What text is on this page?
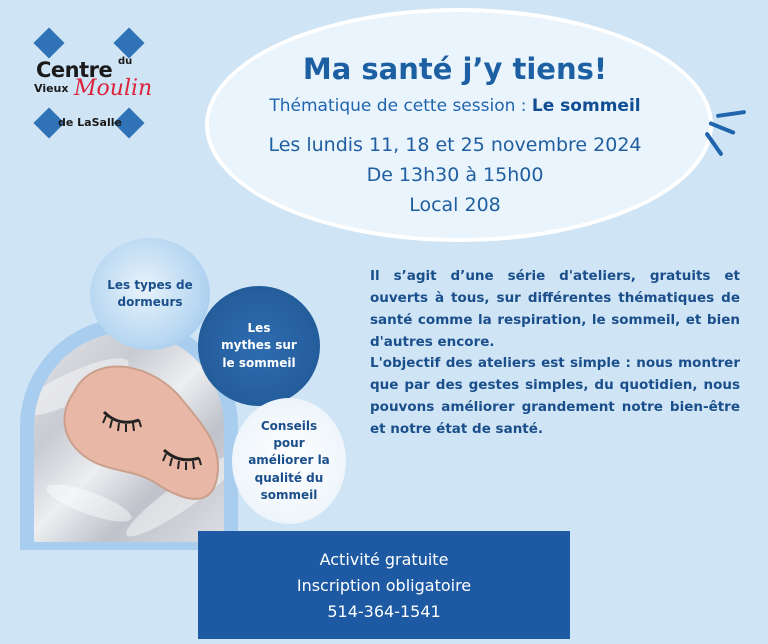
Centre du
Vieux Moulin
de LaSalle
Ma santé j’y tiens!
Thématique de cette session : Le sommeil
Les lundis 11, 18 et 25 novembre 2024
De 13h30 à 15h00
Local 208
Les types de dormeurs
Les mythes sur le sommeil
Conseils pour améliorer la qualité du sommeil

Il s’agit d’une série d'ateliers, gratuits et ouverts à tous, sur différentes thématiques de santé comme la respiration, le sommeil, et bien d'autres encore.

L'objectif des ateliers est simple : nous montrer que par des gestes simples, du quotidien, nous pouvons améliorer grandement notre bien-être et notre état de santé.

Activité gratuite
Inscription obligatoire
514-364-1541
